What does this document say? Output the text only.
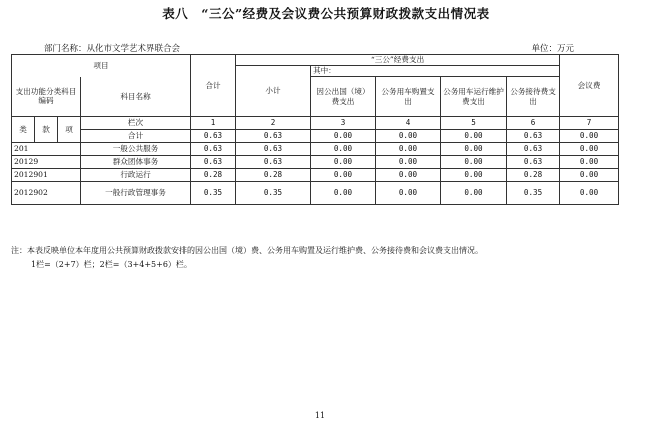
表八　“三公”经费及会议费公共预算财政拨款支出情况表
部门名称：从化市文学艺术界联合会	单位：万元
项目				合计	“三公”经费支出					会议费
					小计	其中：				
支出功能分类科目编码			科目名称			因公出国（境）费支出	公务用车购置支出	公务用车运行维护费支出	公务接待费支出	

类	款	项	栏次	1	2	3	4	5	6	7
			合计	0.63	0.63	0.00	0.00	0.00	0.63	0.00
201			一般公共服务	0.63	0.63	0.00	0.00	0.00	0.63	0.00
20129			群众团体事务	0.63	0.63	0.00	0.00	0.00	0.63	0.00
2012901			行政运行	0.28	0.28	0.00	0.00	0.00	0.28	0.00
2012902			一般行政管理事务	0.35	0.35	0.00	0.00	0.00	0.35	0.00
注：本表反映单位本年度用公共预算财政拨款安排的因公出国（境）费、公务用车购置及运行维护费、公务接待费和会议费支出情况。
1栏=（2+7）栏；2栏=（3+4+5+6）栏。
11
